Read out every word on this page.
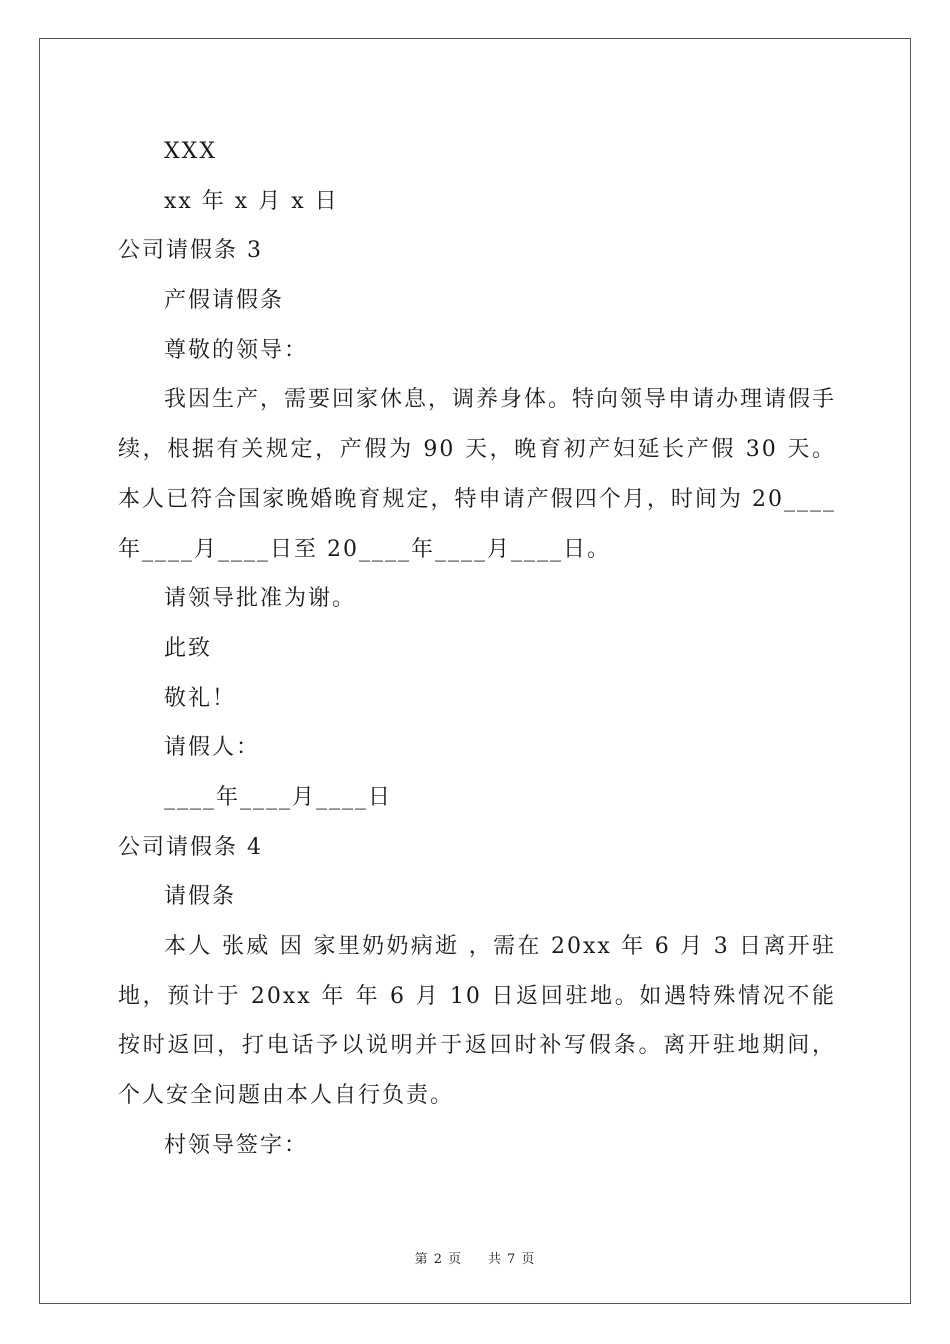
XXX
xx 年 x 月 x 日
公司请假条 3
产假请假条
尊敬的领导：
我因生产，需要回家休息，调养身体。特向领导申请办理请假手续，根据有关规定，产假为 90 天，晚育初产妇延长产假 30 天。本人已符合国家晚婚晚育规定，特申请产假四个月，时间为 20____年____月____日至 20____年____月____日。
请领导批准为谢。
此致
敬礼！
请假人：
____年____月____日
公司请假条 4
请假条
本人 张威 因 家里奶奶病逝 ，需在 20xx 年 6 月 3 日离开驻地，预计于 20xx 年 年 6 月 10 日返回驻地。如遇特殊情况不能按时返回，打电话予以说明并于返回时补写假条。离开驻地期间，个人安全问题由本人自行负责。
村领导签字：
第 2 页 共 7 页
